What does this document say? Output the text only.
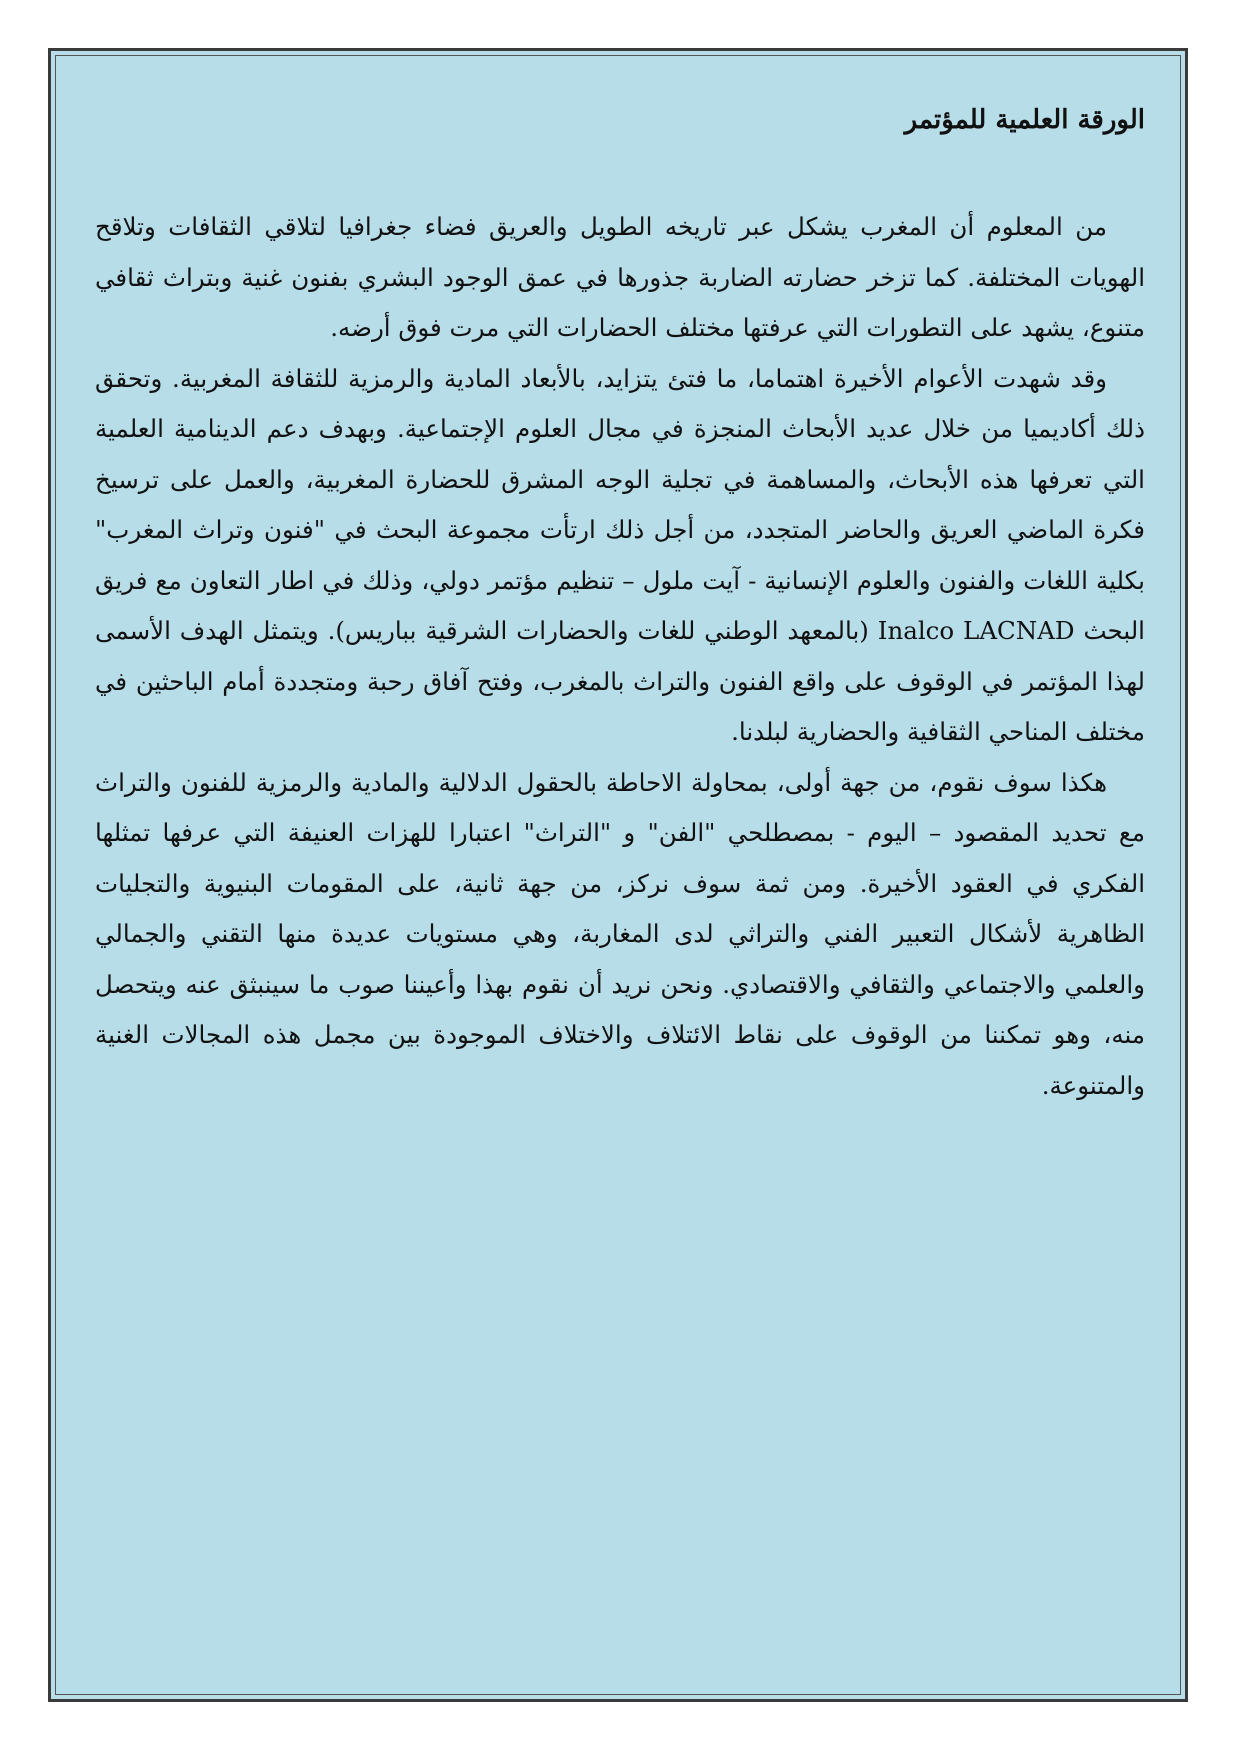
الورقة العلمية للمؤتمر

من المعلوم أن المغرب يشكل عبر تاريخه الطويل والعريق فضاء جغرافيا لتلاقي الثقافات وتلاقح الهويات المختلفة. كما تزخر حضارته الضاربة جذورها في عمق الوجود البشري بفنون غنية وبتراث ثقافي متنوع، يشهد على التطورات التي عرفتها مختلف الحضارات التي مرت فوق أرضه.

وقد شهدت الأعوام الأخيرة اهتماما، ما فتئ يتزايد، بالأبعاد المادية والرمزية للثقافة المغربية. وتحقق ذلك أكاديميا من خلال عديد الأبحاث المنجزة في مجال العلوم الإجتماعية. وبهدف دعم الدينامية العلمية التي تعرفها هذه الأبحاث، والمساهمة في تجلية الوجه المشرق للحضارة المغربية، والعمل على ترسيخ فكرة الماضي العريق والحاضر المتجدد، من أجل ذلك ارتأت مجموعة البحث في "فنون وتراث المغرب" بكلية اللغات والفنون والعلوم الإنسانية - آيت ملول – تنظيم مؤتمر دولي، وذلك في اطار التعاون مع فريق البحث Inalco LACNAD (بالمعهد الوطني للغات والحضارات الشرقية بباريس). ويتمثل الهدف الأسمى لهذا المؤتمر في الوقوف على واقع الفنون والتراث بالمغرب، وفتح آفاق رحبة ومتجددة أمام الباحثين في مختلف المناحي الثقافية والحضارية لبلدنا.

هكذا سوف نقوم، من جهة أولى، بمحاولة الاحاطة بالحقول الدلالية والمادية والرمزية للفنون والتراث مع تحديد المقصود – اليوم - بمصطلحي "الفن" و "التراث" اعتبارا للهزات العنيفة التي عرفها تمثلها الفكري في العقود الأخيرة. ومن ثمة سوف نركز، من جهة ثانية، على المقومات البنيوية والتجليات الظاهرية لأشكال التعبير الفني والتراثي لدى المغاربة، وهي مستويات عديدة منها التقني والجمالي والعلمي والاجتماعي والثقافي والاقتصادي. ونحن نريد أن نقوم بهذا وأعيننا صوب ما سينبثق عنه ويتحصل منه، وهو تمكننا من الوقوف على نقاط الائتلاف والاختلاف الموجودة بين مجمل هذه المجالات الغنية والمتنوعة.
